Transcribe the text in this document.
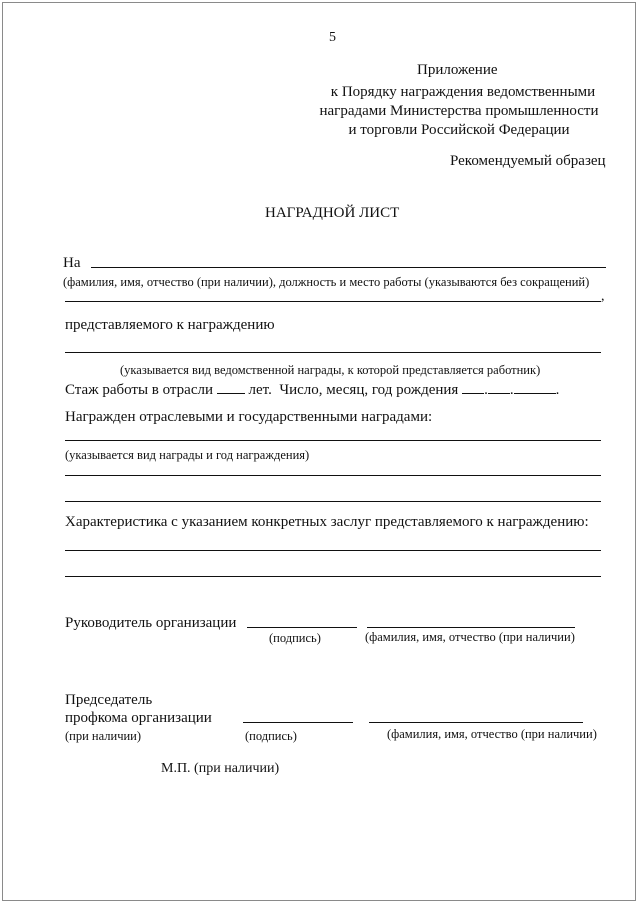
5
Приложение
к Порядку награждения ведомственными
наградами Министерства промышленности
и торговли Российской Федерации
Рекомендуемый образец
НАГРАДНОЙ ЛИСТ
На
(фамилия, имя, отчество (при наличии), должность и место работы (указываются без сокращений)
,
представляемого к награждению
(указывается вид ведомственной награды, к которой представляется работник)
Стаж работы в отрасли лет. Число, месяц, год рождения . .	.
Награжден отраслевыми и государственными наградами:
(указывается вид награды и год награждения)
Характеристика с указанием конкретных заслуг представляемого к награждению:
Руководитель организации
(подпись)	(фамилия, имя, отчество (при наличии)
Председатель
профкома организации
(при наличии)	(подпись)	(фамилия, имя, отчество (при наличии)
М.П. (при наличии)
